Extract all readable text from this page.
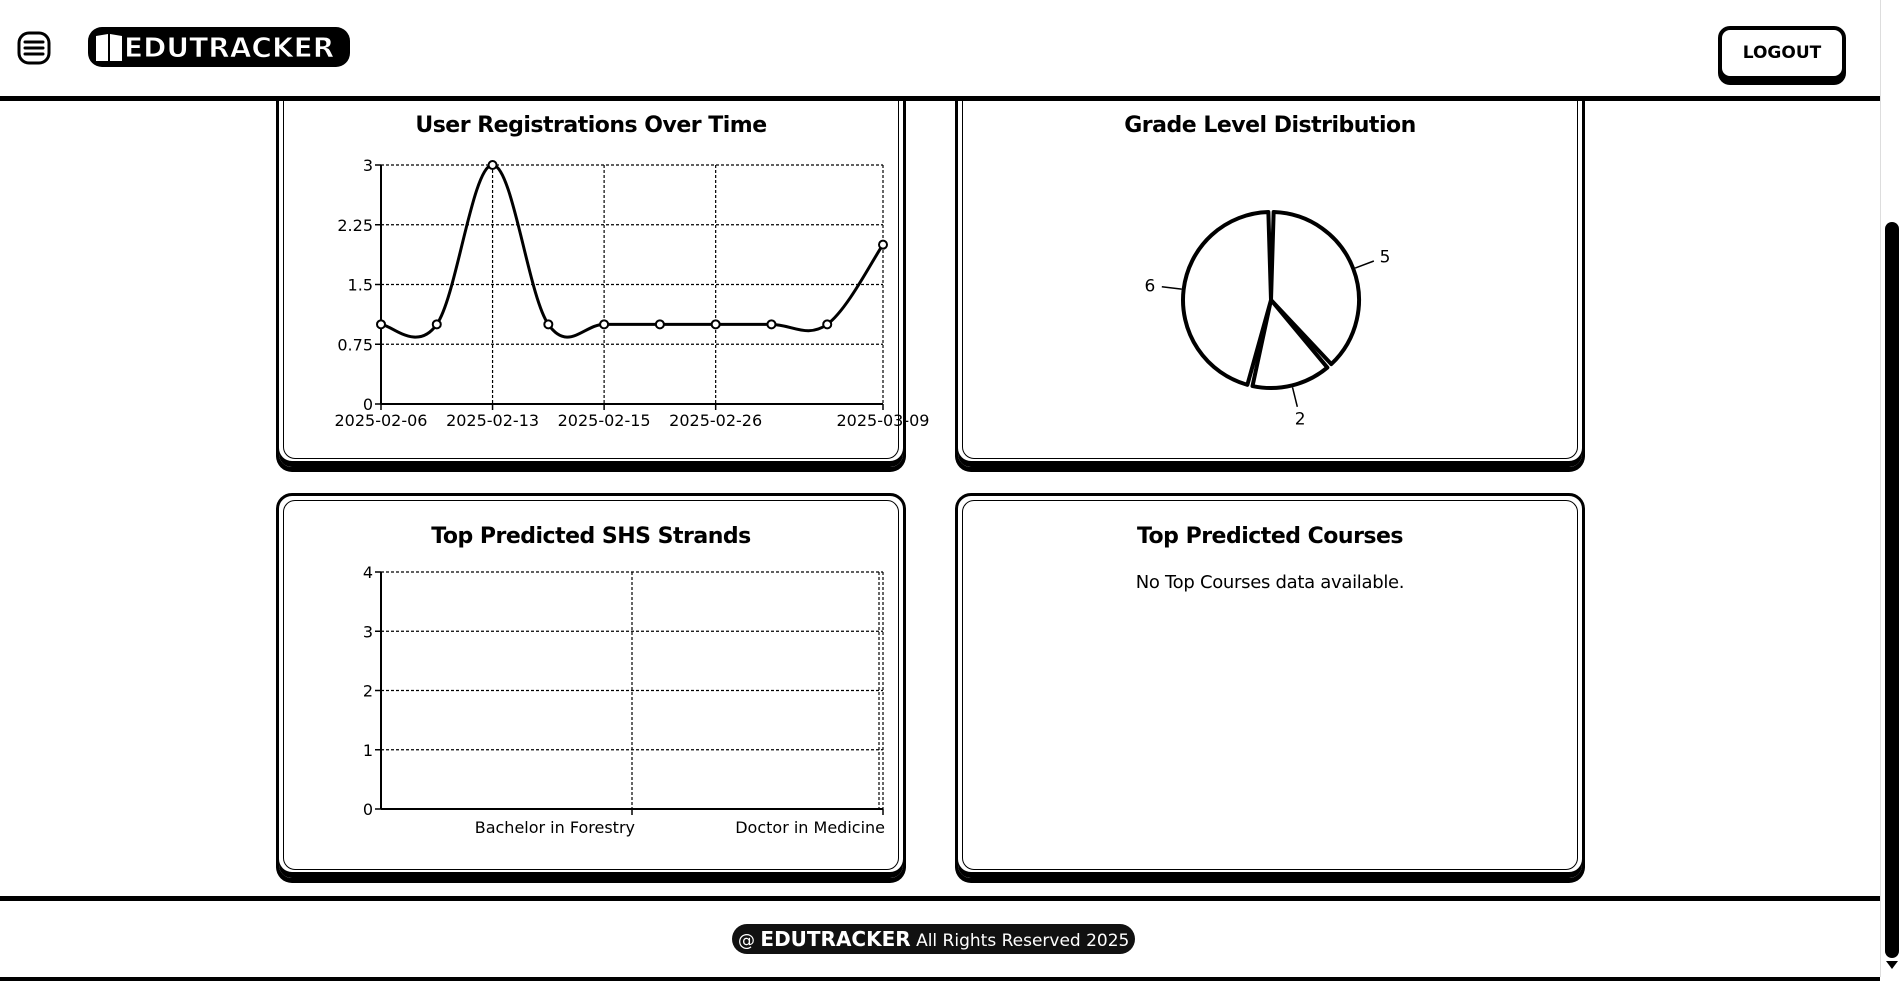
EDUTRACKER	LOGOUT
User Registrations Over Time
0
0.75
1.5
2.25
3
2025-02-06 2025-02-13 2025-02-15 2025-02-26	2025-03-09
Grade Level Distribution
5
2
6
Top Predicted SHS Strands
0
1
2
3
4
Bachelor in Forestry	Doctor in Medicine
Top Predicted Courses
No Top Courses data available.
@ EDUTRACKER All Rights Reserved 2025
